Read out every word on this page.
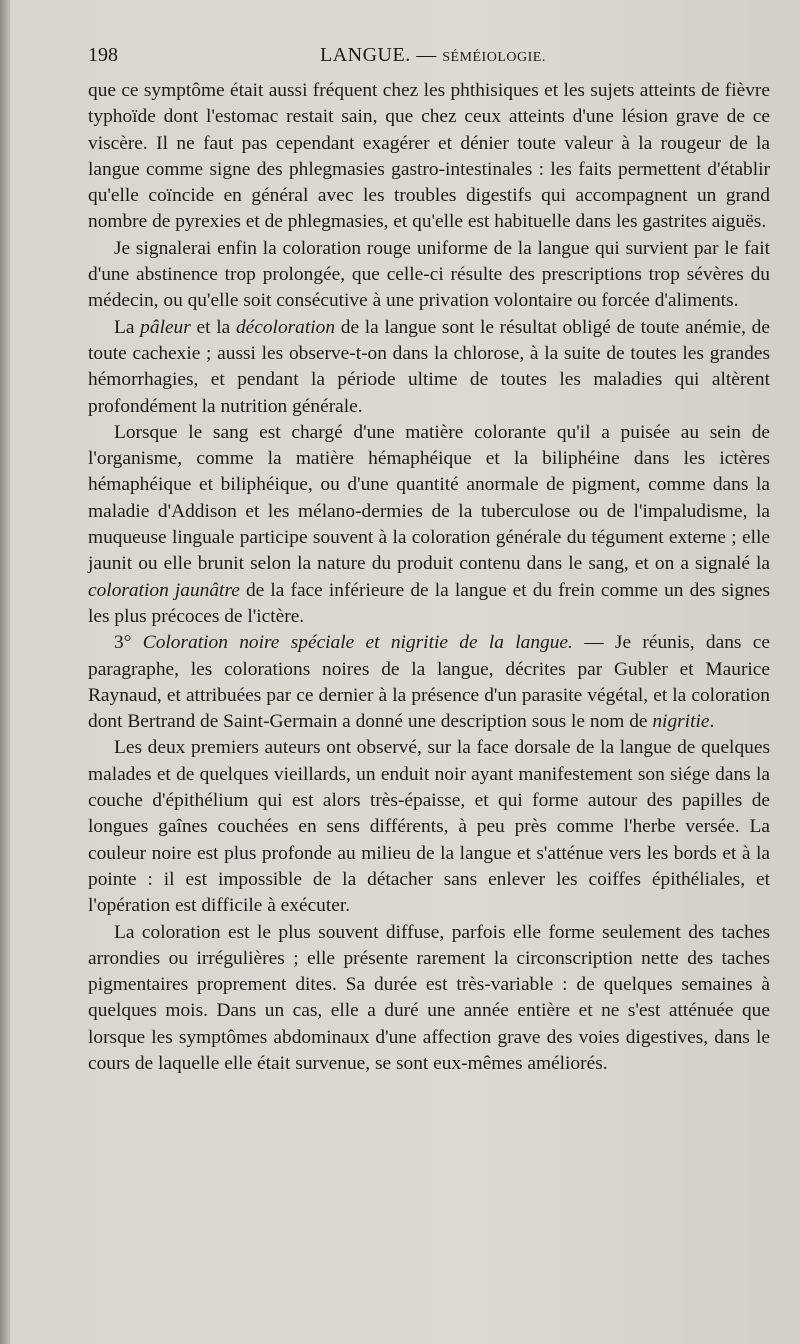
198	LANGUE. — SÉMÉIOLOGIE.

que ce symptôme était aussi fréquent chez les phthisiques et les sujets atteints de fièvre typhoïde dont l'estomac restait sain, que chez ceux atteints d'une lésion grave de ce viscère. Il ne faut pas cependant exagérer et dénier toute valeur à la rougeur de la langue comme signe des phlegmasies gastro-intestinales : les faits permettent d'établir qu'elle coïncide en général avec les troubles digestifs qui accompagnent un grand nombre de pyrexies et de phlegmasies, et qu'elle est habituelle dans les gastrites aiguës.

Je signalerai enfin la coloration rouge uniforme de la langue qui survient par le fait d'une abstinence trop prolongée, que celle-ci résulte des prescriptions trop sévères du médecin, ou qu'elle soit consécutive à une privation volontaire ou forcée d'aliments.

La pâleur et la décoloration de la langue sont le résultat obligé de toute anémie, de toute cachexie ; aussi les observe-t-on dans la chlorose, à la suite de toutes les grandes hémorrhagies, et pendant la période ultime de toutes les maladies qui altèrent profondément la nutrition générale.

Lorsque le sang est chargé d'une matière colorante qu'il a puisée au sein de l'organisme, comme la matière hémaphéique et la biliphéine dans les ictères hémaphéique et biliphéique, ou d'une quantité anormale de pigment, comme dans la maladie d'Addison et les mélano-dermies de la tuberculose ou de l'impaludisme, la muqueuse linguale participe souvent à la coloration générale du tégument externe ; elle jaunit ou elle brunit selon la nature du produit contenu dans le sang, et on a signalé la coloration jaunâtre de la face inférieure de la langue et du frein comme un des signes les plus précoces de l'ictère.

3° Coloration noire spéciale et nigritie de la langue. — Je réunis, dans ce paragraphe, les colorations noires de la langue, décrites par Gubler et Maurice Raynaud, et attribuées par ce dernier à la présence d'un parasite végétal, et la coloration dont Bertrand de Saint-Germain a donné une description sous le nom de nigritie.

Les deux premiers auteurs ont observé, sur la face dorsale de la langue de quelques malades et de quelques vieillards, un enduit noir ayant manifestement son siége dans la couche d'épithélium qui est alors très-épaisse, et qui forme autour des papilles de longues gaînes couchées en sens différents, à peu près comme l'herbe versée. La couleur noire est plus profonde au milieu de la langue et s'atténue vers les bords et à la pointe : il est impossible de la détacher sans enlever les coiffes épithéliales, et l'opération est difficile à exécuter.

La coloration est le plus souvent diffuse, parfois elle forme seulement des taches arrondies ou irrégulières ; elle présente rarement la circonscription nette des taches pigmentaires proprement dites. Sa durée est très-variable : de quelques semaines à quelques mois. Dans un cas, elle a duré une année entière et ne s'est atténuée que lorsque les symptômes abdominaux d'une affection grave des voies digestives, dans le cours de laquelle elle était survenue, se sont eux-mêmes améliorés.
